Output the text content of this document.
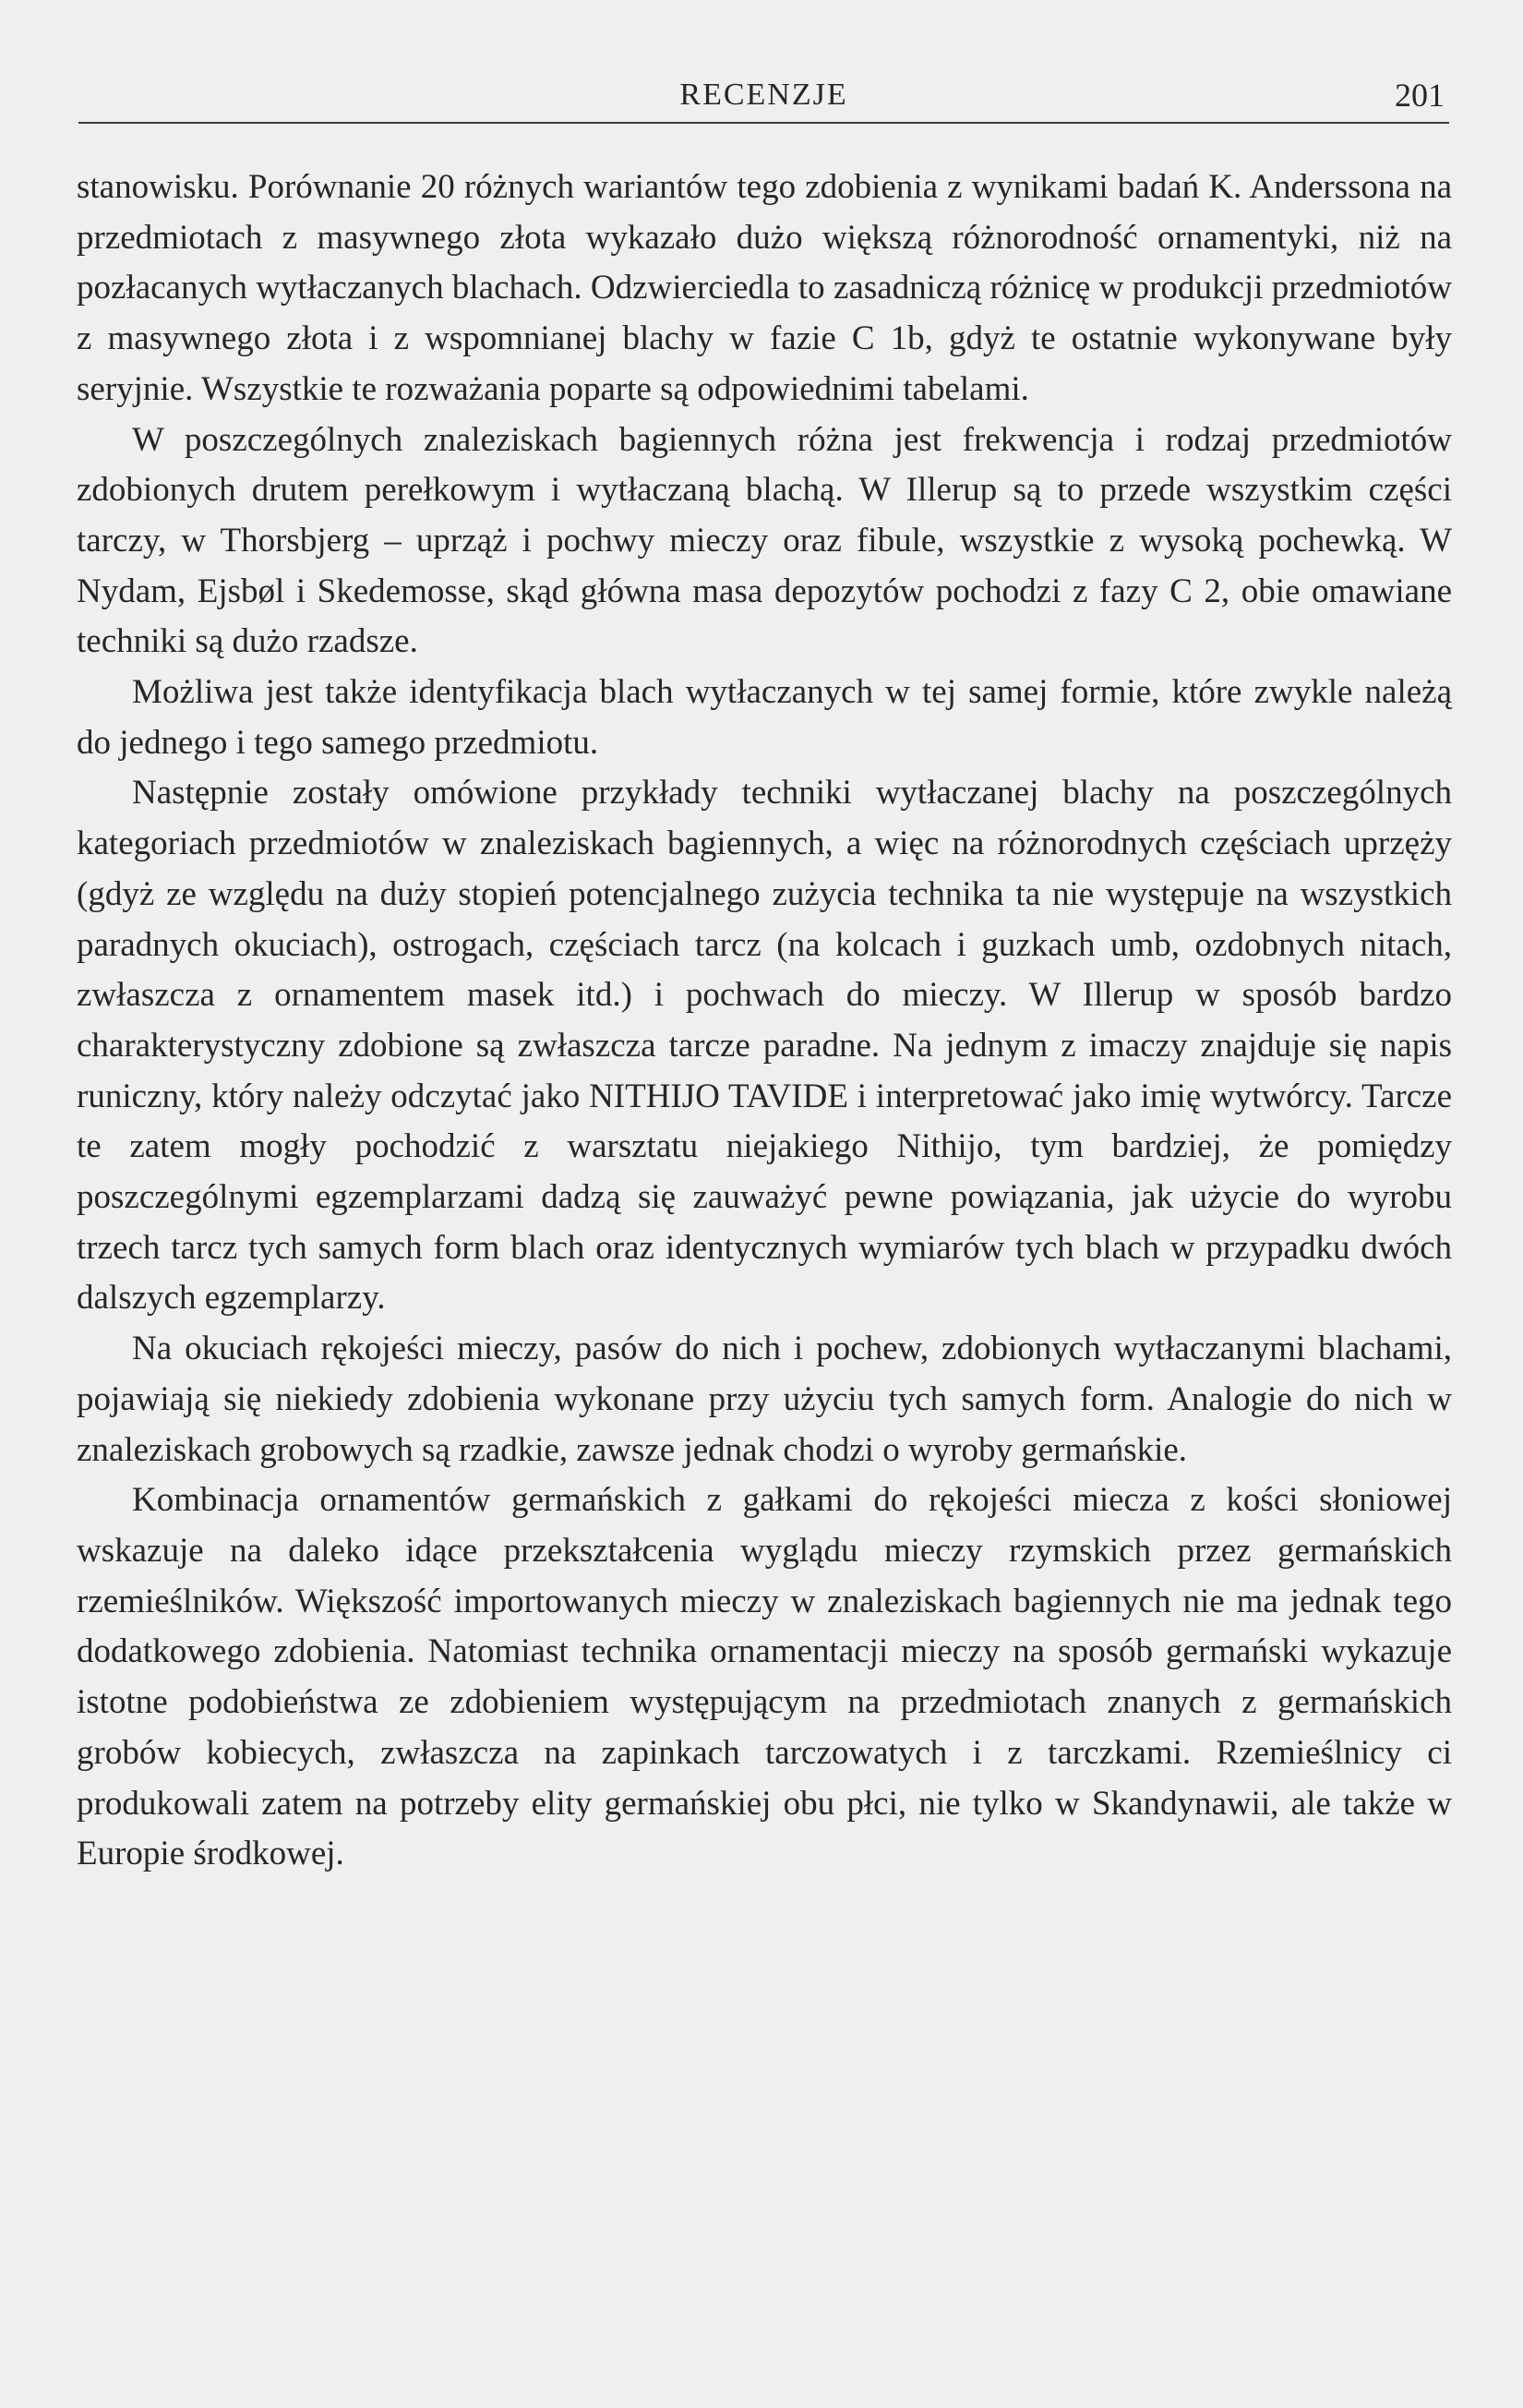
RECENZJE	201

stanowisku. Porównanie 20 różnych wariantów tego zdobienia z wynikami badań K. Anderssona na przedmiotach z masywnego złota wykazało dużo większą różnorodność ornamentyki, niż na pozłacanych wytłaczanych blachach. Odzwierciedla to zasadniczą różnicę w produkcji przedmiotów z masywnego złota i z wspomnianej blachy w fazie C 1b, gdyż te ostatnie wykonywane były seryjnie. Wszystkie te rozważania poparte są odpowiednimi tabelami.

W poszczególnych znaleziskach bagiennych różna jest frekwencja i rodzaj przedmiotów zdobionych drutem perełkowym i wytłaczaną blachą. W Illerup są to przede wszystkim części tarczy, w Thorsbjerg – uprząż i pochwy mieczy oraz fibule, wszystkie z wysoką pochewką. W Nydam, Ejsbøl i Skedemosse, skąd główna masa depozytów pochodzi z fazy C 2, obie omawiane techniki są dużo rzadsze.

Możliwa jest także identyfikacja blach wytłaczanych w tej samej formie, które zwykle należą do jednego i tego samego przedmiotu.

Następnie zostały omówione przykłady techniki wytłaczanej blachy na poszczególnych kategoriach przedmiotów w znaleziskach bagiennych, a więc na różnorodnych częściach uprzęży (gdyż ze względu na duży stopień potencjalnego zużycia technika ta nie występuje na wszystkich paradnych okuciach), ostrogach, częściach tarcz (na kolcach i guzkach umb, ozdobnych nitach, zwłaszcza z ornamentem masek itd.) i pochwach do mieczy. W Illerup w sposób bardzo charakterystyczny zdobione są zwłaszcza tarcze paradne. Na jednym z imaczy znajduje się napis runiczny, który należy odczytać jako NITHIJO TAVIDE i interpretować jako imię wytwórcy. Tarcze te zatem mogły pochodzić z warsztatu niejakiego Nithijo, tym bardziej, że pomiędzy poszczególnymi egzemplarzami dadzą się zauważyć pewne powiązania, jak użycie do wyrobu trzech tarcz tych samych form blach oraz identycznych wymiarów tych blach w przypadku dwóch dalszych egzemplarzy.

Na okuciach rękojeści mieczy, pasów do nich i pochew, zdobionych wytłaczanymi blachami, pojawiają się niekiedy zdobienia wykonane przy użyciu tych samych form. Analogie do nich w znaleziskach grobowych są rzadkie, zawsze jednak chodzi o wyroby germańskie.

Kombinacja ornamentów germańskich z gałkami do rękojeści miecza z kości słoniowej wskazuje na daleko idące przekształcenia wyglądu mieczy rzymskich przez germańskich rzemieślników. Większość importowanych mieczy w znaleziskach bagiennych nie ma jednak tego dodatkowego zdobienia. Natomiast technika ornamentacji mieczy na sposób germański wykazuje istotne podobieństwa ze zdobieniem występującym na przedmiotach znanych z germańskich grobów kobiecych, zwłaszcza na zapinkach tarczowatych i z tarczkami. Rzemieślnicy ci produkowali zatem na potrzeby elity germańskiej obu płci, nie tylko w Skandynawii, ale także w Europie środkowej.
